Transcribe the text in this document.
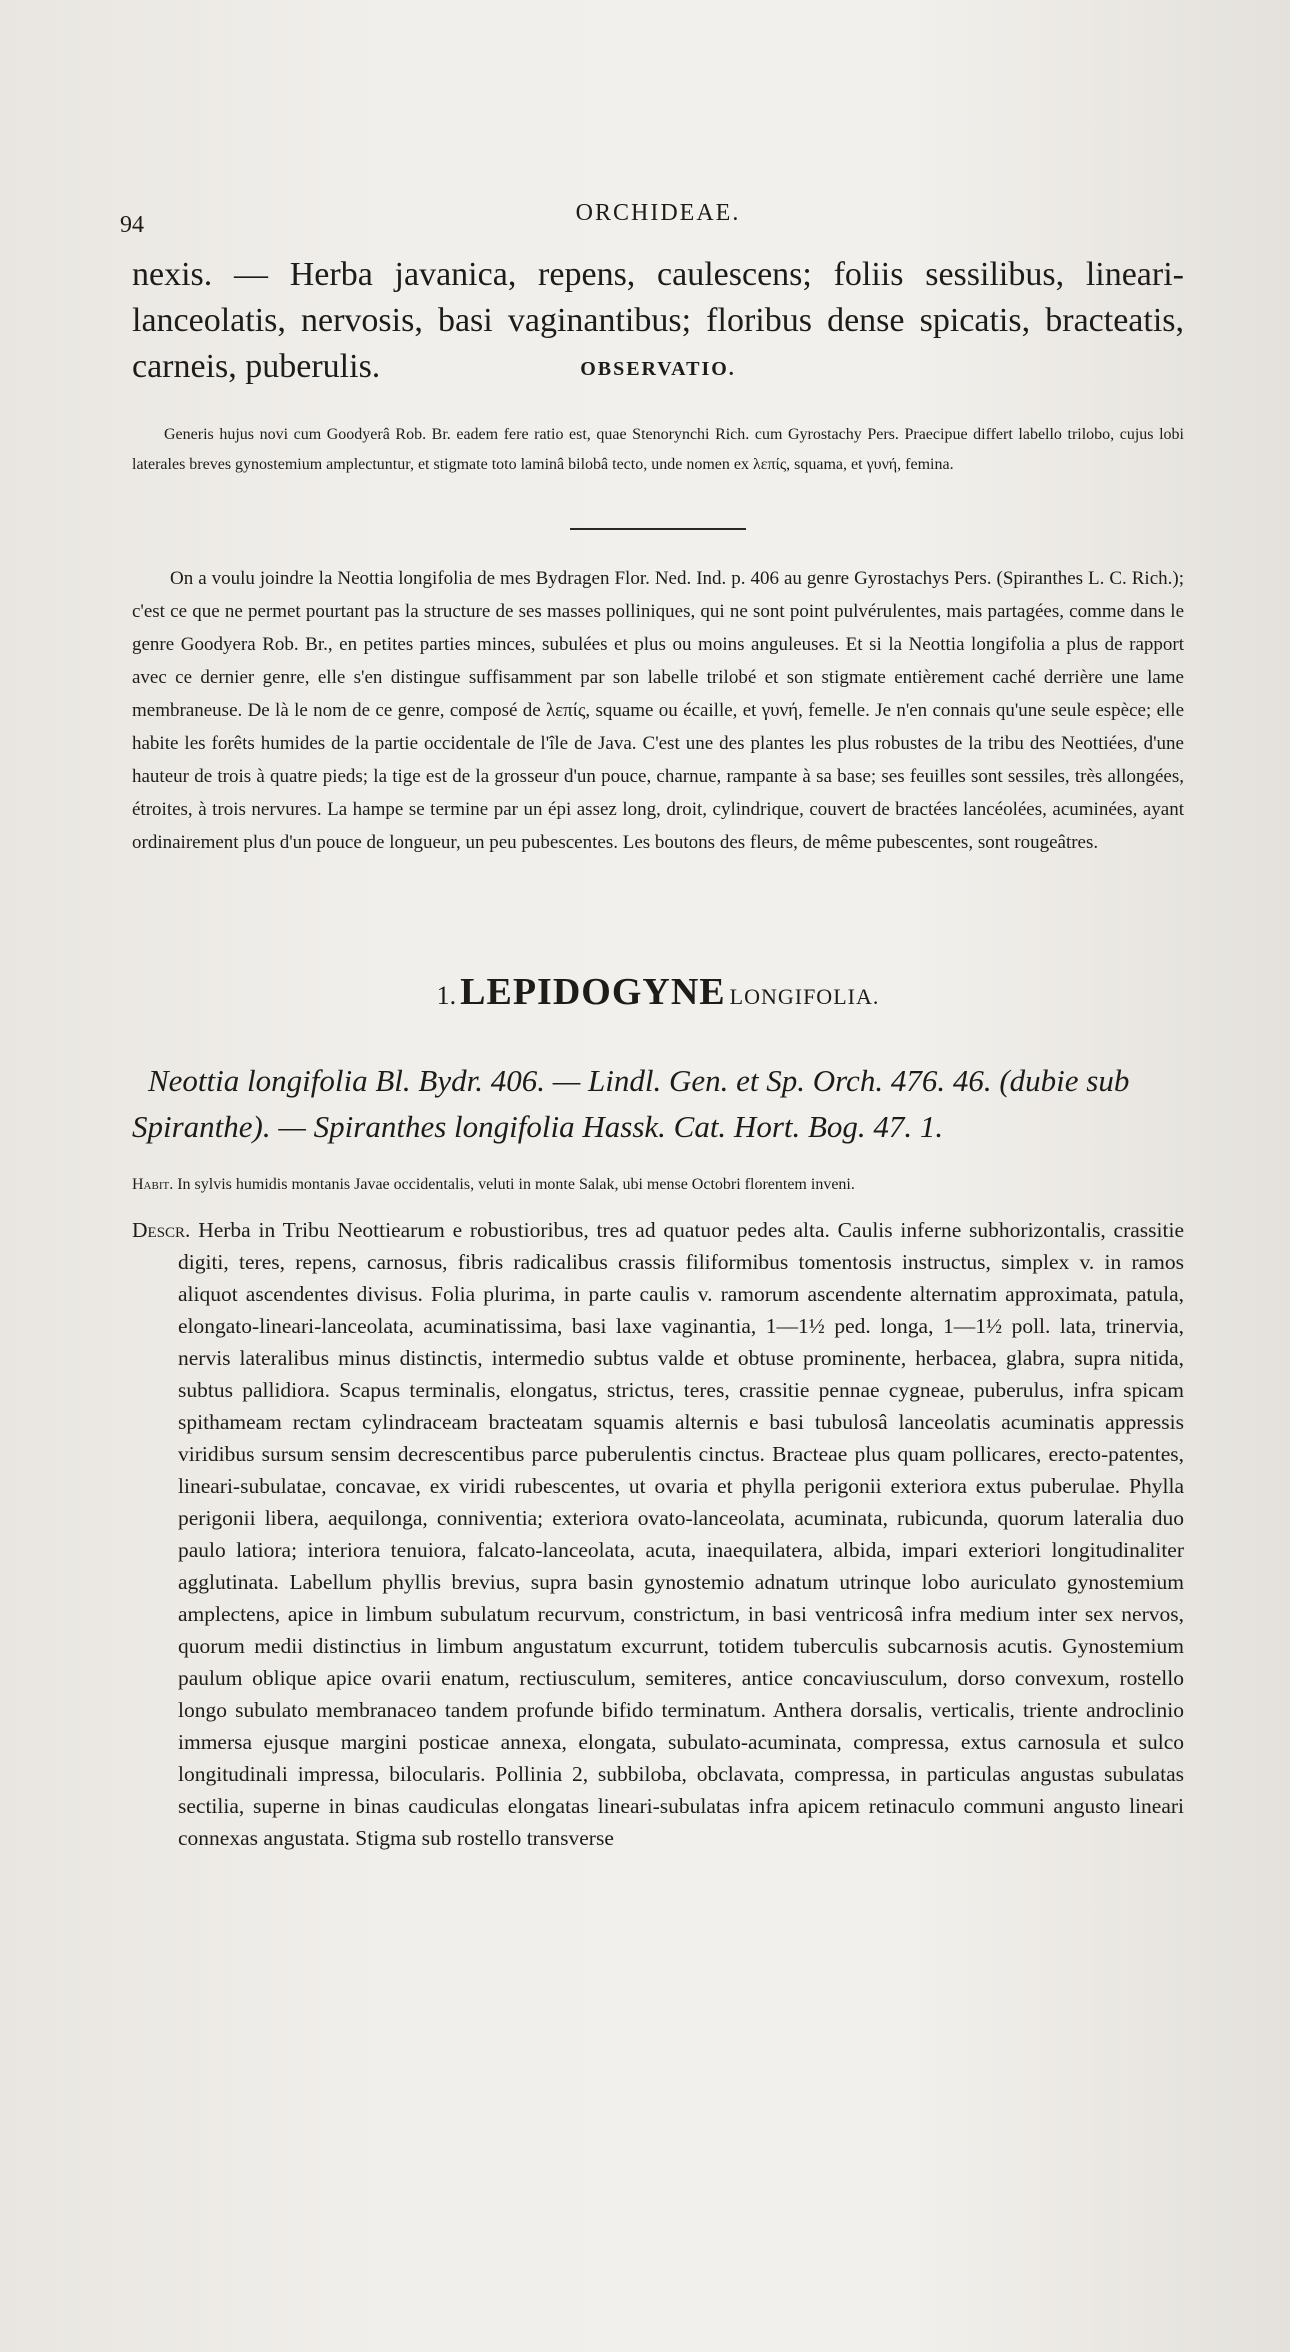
94	ORCHIDEAE.

nexis. — Herba javanica, repens, caulescens; foliis sessilibus, lineari-lanceolatis, nervosis, basi vaginantibus; floribus dense spicatis, bracteatis, carneis, puberulis.	OBSERVATIO.

Generis hujus novi cum Goodyerâ Rob. Br. eadem fere ratio est, quae Stenorynchi Rich. cum Gyrostachy Pers. Praecipue differt labello trilobo, cujus lobi laterales breves gynostemium amplectuntur, et stigmate toto laminâ bilobâ tecto, unde nomen ex λεπίς, squama, et γυνή, femina.

On a voulu joindre la Neottia longifolia de mes Bydragen Flor. Ned. Ind. p. 406 au genre Gyrostachys Pers. (Spiranthes L. C. Rich.); c'est ce que ne permet pourtant pas la structure de ses masses polliniques, qui ne sont point pulvérulentes, mais partagées, comme dans le genre Goodyera Rob. Br., en petites parties minces, subulées et plus ou moins anguleuses. Et si la Neottia longifolia a plus de rapport avec ce dernier genre, elle s'en distingue suffisamment par son labelle trilobé et son stigmate entièrement caché derrière une lame membraneuse. De là le nom de ce genre, composé de λεπίς, squame ou écaille, et γυνή, femelle. Je n'en connais qu'une seule espèce; elle habite les forêts humides de la partie occidentale de l'île de Java. C'est une des plantes les plus robustes de la tribu des Neottiées, d'une hauteur de trois à quatre pieds; la tige est de la grosseur d'un pouce, charnue, rampante à sa base; ses feuilles sont sessiles, très allongées, étroites, à trois nervures. La hampe se termine par un épi assez long, droit, cylindrique, couvert de bractées lancéolées, acuminées, ayant ordinairement plus d'un pouce de longueur, un peu pubescentes. Les boutons des fleurs, de même pubescentes, sont rougeâtres.

1. LEPIDOGYNE LONGIFOLIA.

Neottia longifolia Bl. Bydr. 406. — Lindl. Gen. et Sp. Orch. 476. 46. (dubie sub Spiranthe). — Spiranthes longifolia Hassk. Cat. Hort. Bog. 47. 1.

Habit. In sylvis humidis montanis Javae occidentalis, veluti in monte Salak, ubi mense Octobri florentem inveni.

Descr. Herba in Tribu Neottiearum e robustioribus, tres ad quatuor pedes alta. Caulis inferne subhorizontalis, crassitie digiti, teres, repens, carnosus, fibris radicalibus crassis filiformibus tomentosis instructus, simplex v. in ramos aliquot ascendentes divisus. Folia plurima, in parte caulis v. ramorum ascendente alternatim approximata, patula, elongato-lineari-lanceolata, acuminatissima, basi laxe vaginantia, 1—1½ ped. longa, 1—1½ poll. lata, trinervia, nervis lateralibus minus distinctis, intermedio subtus valde et obtuse prominente, herbacea, glabra, supra nitida, subtus pallidiora. Scapus terminalis, elongatus, strictus, teres, crassitie pennae cygneae, puberulus, infra spicam spithameam rectam cylindraceam bracteatam squamis alternis e basi tubulosâ lanceolatis acuminatis appressis viridibus sursum sensim decrescentibus parce puberulentis cinctus. Bracteae plus quam pollicares, erecto-patentes, lineari-subulatae, concavae, ex viridi rubescentes, ut ovaria et phylla perigonii exteriora extus puberulae. Phylla perigonii libera, aequilonga, conniventia; exteriora ovato-lanceolata, acuminata, rubicunda, quorum lateralia duo paulo latiora; interiora tenuiora, falcato-lanceolata, acuta, inaequilatera, albida, impari exteriori longitudinaliter agglutinata. Labellum phyllis brevius, supra basin gynostemio adnatum utrinque lobo auriculato gynostemium amplectens, apice in limbum subulatum recurvum, constrictum, in basi ventricosâ infra medium inter sex nervos, quorum medii distinctius in limbum angustatum excurrunt, totidem tuberculis subcarnosis acutis. Gynostemium paulum oblique apice ovarii enatum, rectiusculum, semiteres, antice concaviusculum, dorso convexum, rostello longo subulato membranaceo tandem profunde bifido terminatum. Anthera dorsalis, verticalis, triente androclinio immersa ejusque margini posticae annexa, elongata, subulato-acuminata, compressa, extus carnosula et sulco longitudinali impressa, bilocularis. Pollinia 2, subbiloba, obclavata, compressa, in particulas angustas subulatas sectilia, superne in binas caudiculas elongatas lineari-subulatas infra apicem retinaculo communi angusto lineari connexas angustata. Stigma sub rostello transverse
